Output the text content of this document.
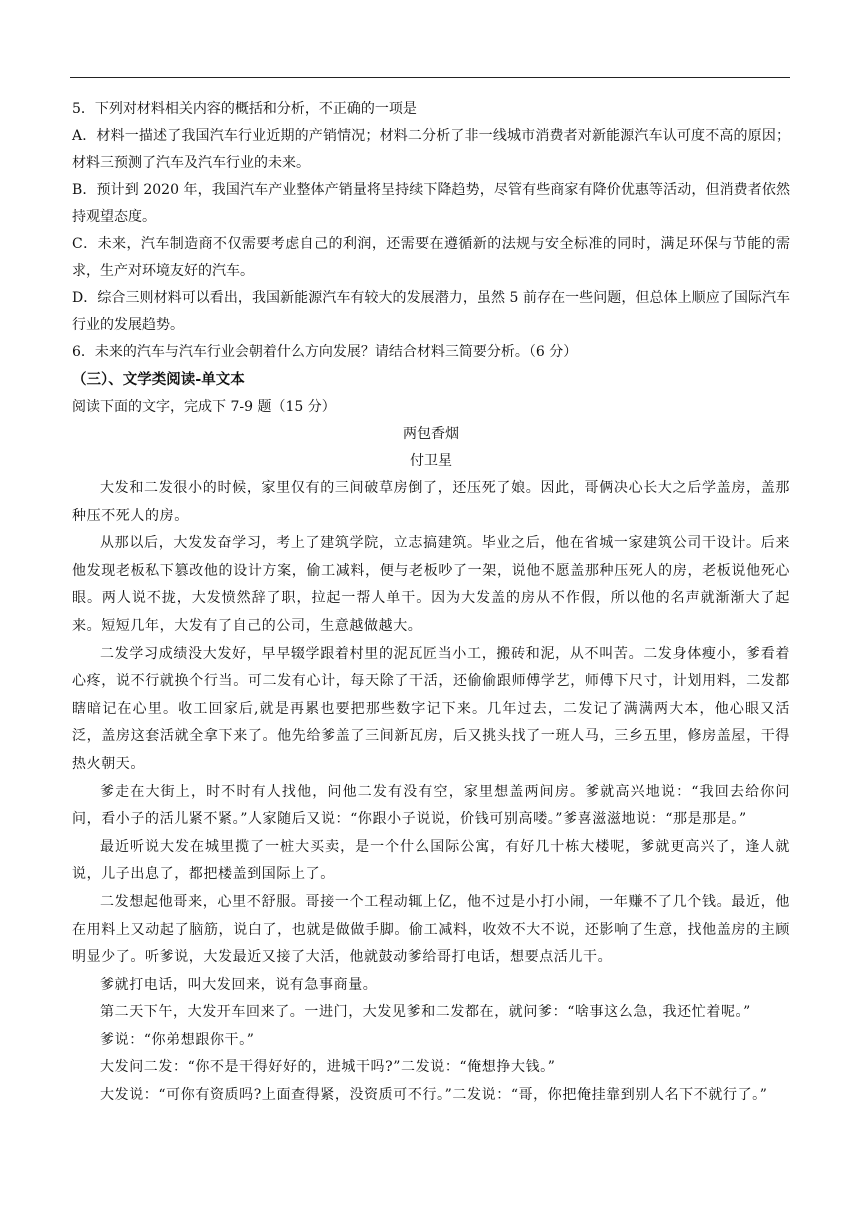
5．下列对材料相关内容的概括和分析，不正确的一项是

A．材料一描述了我国汽车行业近期的产销情况；材料二分析了非一线城市消费者对新能源汽车认可度不高的原因；材料三预测了汽车及汽车行业的未来。

B．预计到 2020 年，我国汽车产业整体产销量将呈持续下降趋势，尽管有些商家有降价优惠等活动，但消费者依然持观望态度。

C．未来，汽车制造商不仅需要考虑自己的利润，还需要在遵循新的法规与安全标准的同时，满足环保与节能的需求，生产对环境友好的汽车。

D．综合三则材料可以看出，我国新能源汽车有较大的发展潜力，虽然 5 前存在一些问题，但总体上顺应了国际汽车行业的发展趋势。

6．未来的汽车与汽车行业会朝着什么方向发展？请结合材料三简要分析。（6 分）

（三）、文学类阅读-单文本

阅读下面的文字，完成下 7-9 题（15 分）

两包香烟

付卫星

大发和二发很小的时候，家里仅有的三间破草房倒了，还压死了娘。因此，哥俩决心长大之后学盖房，盖那种压不死人的房。

从那以后，大发发奋学习，考上了建筑学院，立志搞建筑。毕业之后，他在省城一家建筑公司干设计。后来他发现老板私下篡改他的设计方案，偷工减料，便与老板吵了一架，说他不愿盖那种压死人的房，老板说他死心眼。两人说不拢，大发愤然辞了职，拉起一帮人单干。因为大发盖的房从不作假，所以他的名声就渐渐大了起来。短短几年，大发有了自己的公司，生意越做越大。

二发学习成绩没大发好，早早辍学跟着村里的泥瓦匠当小工，搬砖和泥，从不叫苦。二发身体瘦小，爹看着心疼，说不行就换个行当。可二发有心计，每天除了干活，还偷偷跟师傅学艺，师傅下尺寸，计划用料，二发都瞎暗记在心里。收工回家后,就是再累也要把那些数字记下来。几年过去，二发记了满满两大本，他心眼又活泛，盖房这套活就全拿下来了。他先给爹盖了三间新瓦房，后又挑头找了一班人马，三乡五里，修房盖屋，干得热火朝天。

爹走在大街上，时不时有人找他，问他二发有没有空，家里想盖两间房。爹就高兴地说：“我回去给你问问，看小子的活儿紧不紧。”人家随后又说：“你跟小子说说，价钱可别高喽。”爹喜滋滋地说：“那是那是。”

最近听说大发在城里揽了一桩大买卖，是一个什么国际公寓，有好几十栋大楼呢，爹就更高兴了，逢人就说，儿子出息了，都把楼盖到国际上了。

二发想起他哥来，心里不舒服。哥接一个工程动辄上亿，他不过是小打小闹，一年赚不了几个钱。最近，他在用料上又动起了脑筋，说白了，也就是做做手脚。偷工减料，收效不大不说，还影响了生意，找他盖房的主顾明显少了。听爹说，大发最近又接了大活，他就鼓动爹给哥打电话，想要点活儿干。

爹就打电话，叫大发回来，说有急事商量。

第二天下午，大发开车回来了。一进门，大发见爹和二发都在，就问爹：“啥事这么急，我还忙着呢。”

爹说：“你弟想跟你干。”

大发问二发：“你不是干得好好的，进城干吗?”二发说：“俺想挣大钱。”

大发说：“可你有资质吗?上面查得紧，没资质可不行。”二发说：“哥，你把俺挂靠到别人名下不就行了。”
